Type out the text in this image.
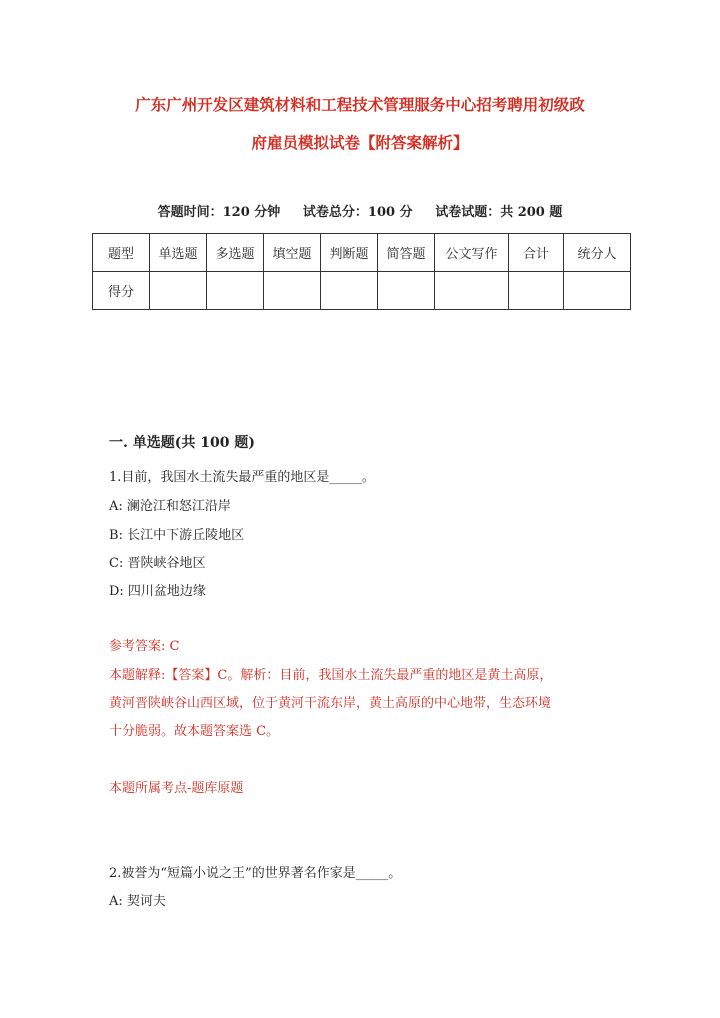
广东广州开发区建筑材料和工程技术管理服务中心招考聘用初级政
府雇员模拟试卷【附答案解析】
答题时间：120 分钟     试卷总分：100 分     试卷试题：共 200 题
题型	单选题	多选题	填空题	判断题	简答题	公文写作	合计	统分人
得分								
一. 单选题(共 100 题)
1.目前，我国水土流失最严重的地区是_____。
A: 澜沧江和怒江沿岸
B: 长江中下游丘陵地区
C: 晋陕峡谷地区
D: 四川盆地边缘
参考答案: C
本题解释:【答案】C。解析：目前，我国水土流失最严重的地区是黄土高原，
黄河晋陕峡谷山西区域，位于黄河干流东岸，黄土高原的中心地带，生态环境
十分脆弱。故本题答案选 C。
本题所属考点-题库原题
2.被誉为“短篇小说之王”的世界著名作家是_____。
A: 契诃夫
